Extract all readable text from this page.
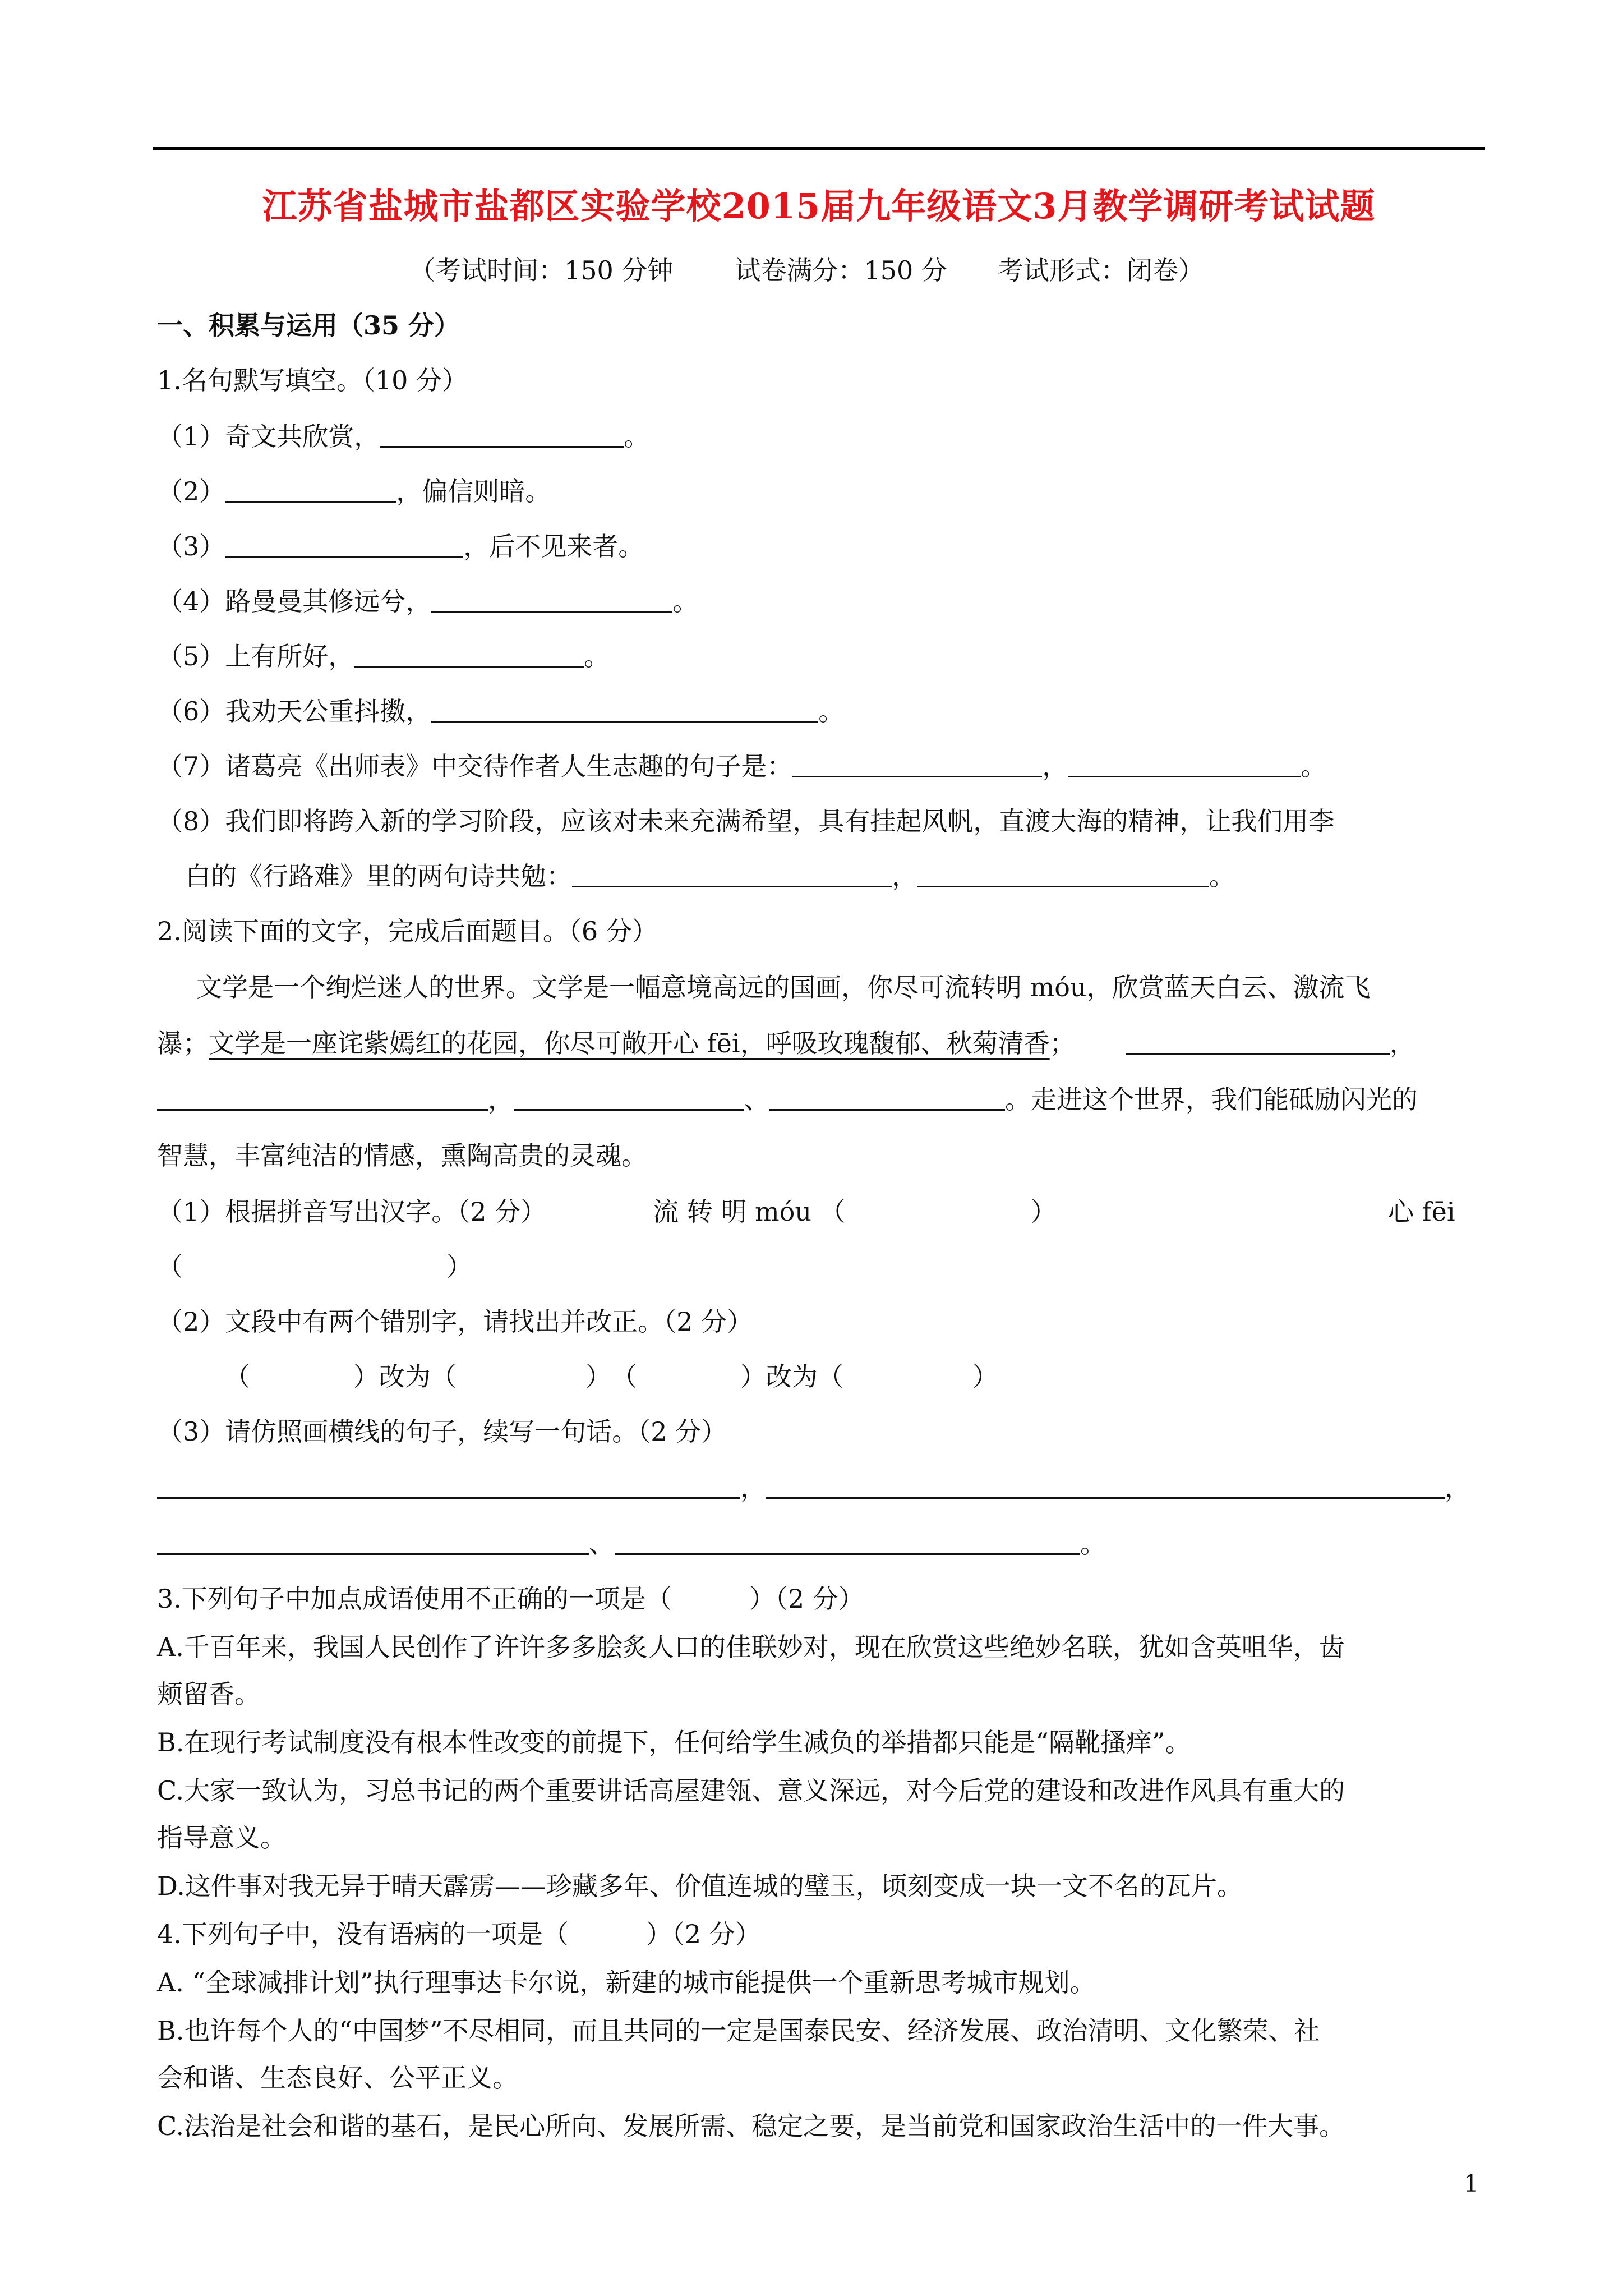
江苏省盐城市盐都区实验学校2015届九年级语文3月教学调研考试试题
（考试时间：150 分钟 试卷满分：150 分 考试形式：闭卷）
一、积累与运用（35 分）
1.名句默写填空。（10 分）
（1）奇文共欣赏，	。
（2）	，偏信则暗。
（3）	，后不见来者。
（4）路曼曼其修远兮，	。
（5）上有所好，	。
（6）我劝天公重抖擞，	。
（7）诸葛亮《出师表》中交待作者人生志趣的句子是：	，	。
（8）我们即将跨入新的学习阶段，应该对未来充满希望，具有挂起风帆，直渡大海的精神，让我们用李
白的《行路难》里的两句诗共勉：	，	。
2.阅读下面的文字，完成后面题目。（6 分）
文学是一个绚烂迷人的世界。文学是一幅意境高远的国画，你尽可流转明 móu，欣赏蓝天白云、激流飞
瀑；文学是一座诧紫嫣红的花园，你尽可敞开心 fēi，呼吸玫瑰馥郁、秋菊清香；	，
，	、	。走进这个世界，我们能砥励闪光的
智慧，丰富纯洁的情感，熏陶高贵的灵魂。
（1）根据拼音写出汉字。（2 分）	流 转 明 móu （	）	心 fēi
（	）
（2）文段中有两个错别字，请找出并改正。（2 分）
（　　　　）改为（　　　　　）　（　　　　）改为（　　　　　）
（3）请仿照画横线的句子，续写一句话。（2 分）
，	，
、	。
3.下列句子中加点成语使用不正确的一项是（　　　）（2 分）
A.千百年来，我国人民创作了许许多多脍炙人口的佳联妙对，现在欣赏这些绝妙名联，犹如含英咀华，齿
颊留香。
B.在现行考试制度没有根本性改变的前提下，任何给学生减负的举措都只能是“隔靴搔痒”。
C.大家一致认为，习总书记的两个重要讲话高屋建瓴、意义深远，对今后党的建设和改进作风具有重大的
指导意义。
D.这件事对我无异于晴天霹雳——珍藏多年、价值连城的璧玉，顷刻变成一块一文不名的瓦片。
4.下列句子中，没有语病的一项是（　　　）（2 分）
A. “全球减排计划”执行理事达卡尔说，新建的城市能提供一个重新思考城市规划。
B.也许每个人的“中国梦”不尽相同，而且共同的一定是国泰民安、经济发展、政治清明、文化繁荣、社
会和谐、生态良好、公平正义。
C.法治是社会和谐的基石，是民心所向、发展所需、稳定之要，是当前党和国家政治生活中的一件大事。
1
